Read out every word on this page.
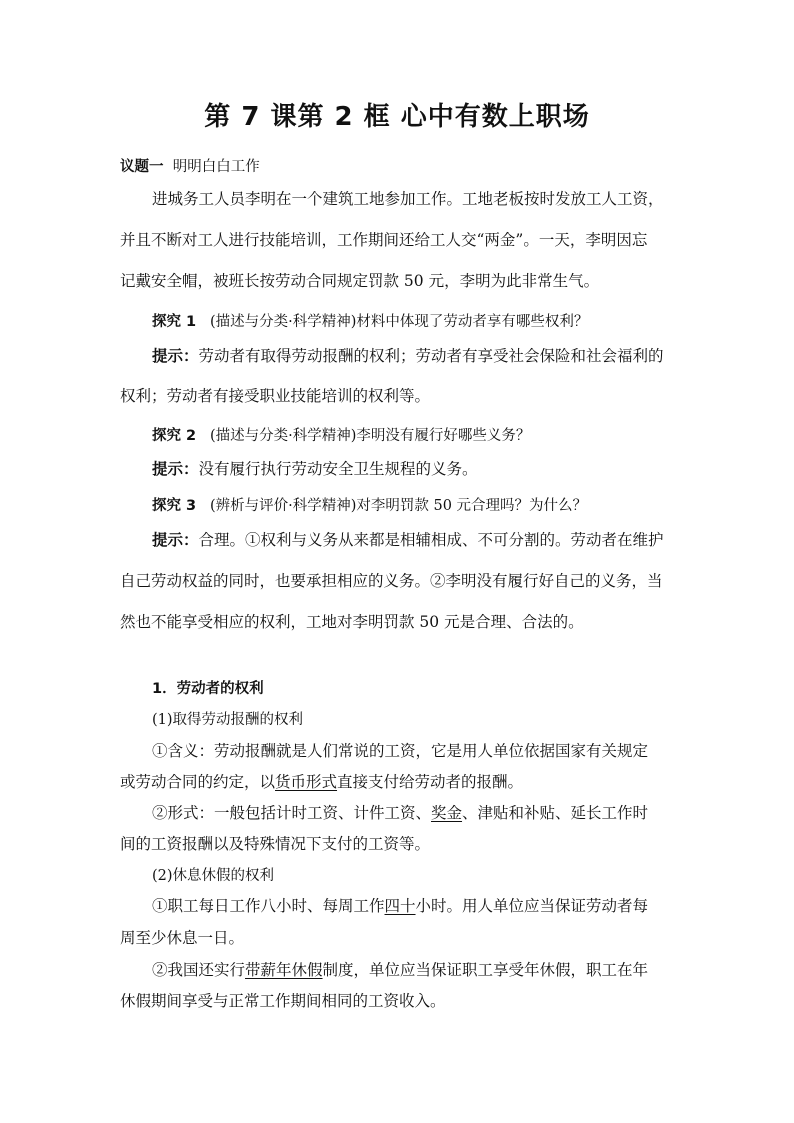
第 7 课第 2 框 心中有数上职场
议题一 明明白白工作
进城务工人员李明在一个建筑工地参加工作。工地老板按时发放工人工资，
并且不断对工人进行技能培训，工作期间还给工人交“两金”。一天，李明因忘
记戴安全帽，被班长按劳动合同规定罚款 50 元，李明为此非常生气。
探究 1 (描述与分类·科学精神)材料中体现了劳动者享有哪些权利？
提示：劳动者有取得劳动报酬的权利；劳动者有享受社会保险和社会福利的
权利；劳动者有接受职业技能培训的权利等。
探究 2 (描述与分类·科学精神)李明没有履行好哪些义务？
提示：没有履行执行劳动安全卫生规程的义务。
探究 3 (辨析与评价·科学精神)对李明罚款 50 元合理吗？为什么？
提示：合理。①权利与义务从来都是相辅相成、不可分割的。劳动者在维护
自己劳动权益的同时，也要承担相应的义务。②李明没有履行好自己的义务，当
然也不能享受相应的权利，工地对李明罚款 50 元是合理、合法的。
1．劳动者的权利
(1)取得劳动报酬的权利
①含义：劳动报酬就是人们常说的工资，它是用人单位依据国家有关规定
或劳动合同的约定，以货币形式直接支付给劳动者的报酬。
②形式：一般包括计时工资、计件工资、奖金、津贴和补贴、延长工作时
间的工资报酬以及特殊情况下支付的工资等。
(2)休息休假的权利
①职工每日工作八小时、每周工作四十小时。用人单位应当保证劳动者每
周至少休息一日。
②我国还实行带薪年休假制度，单位应当保证职工享受年休假，职工在年
休假期间享受与正常工作期间相同的工资收入。
